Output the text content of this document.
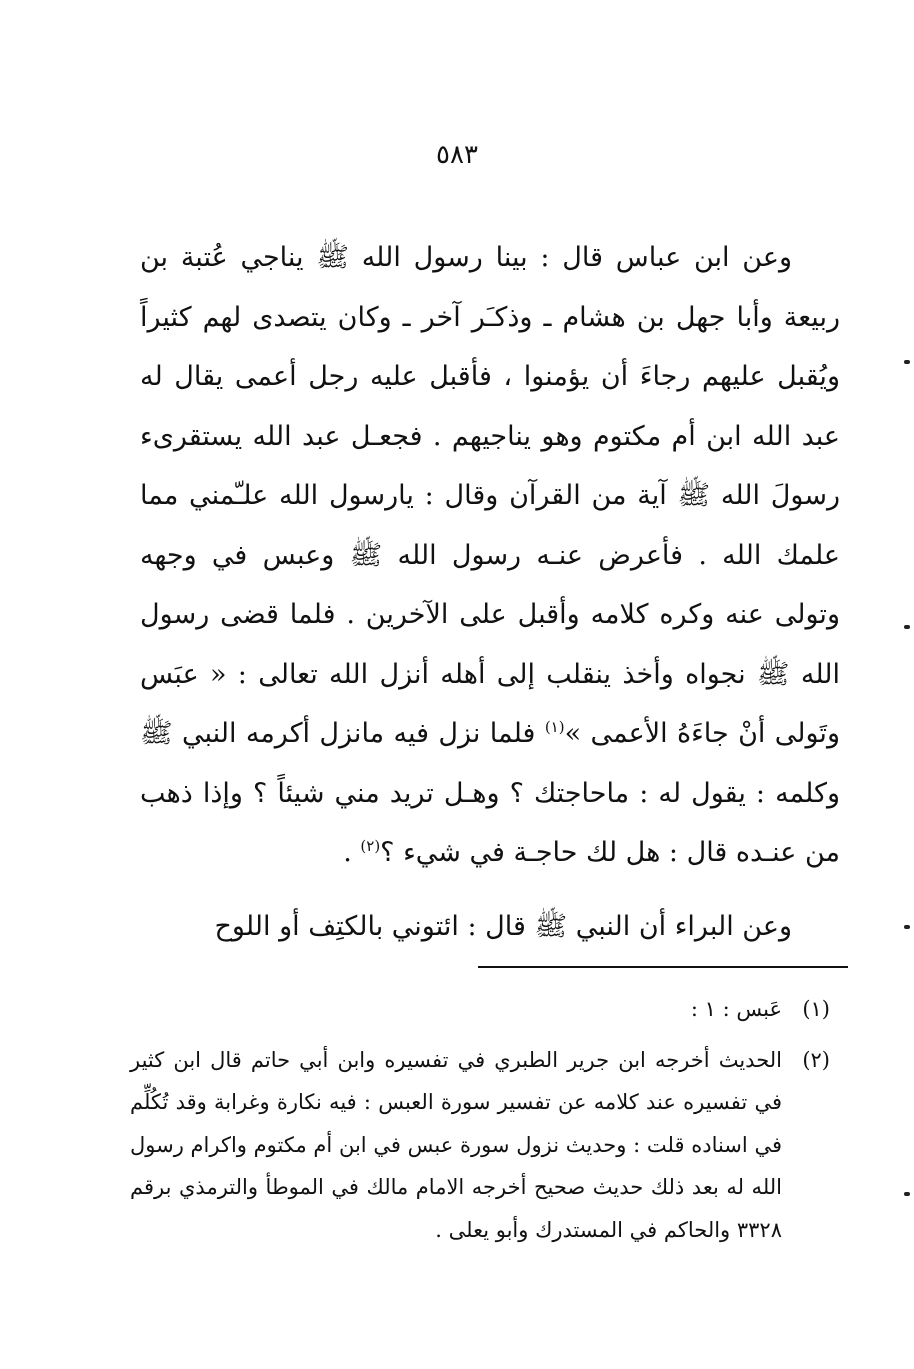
٥٨٣

وعن ابن عباس قال : بينا رسول الله ﷺ يناجي عُتبة بن ربيعة وأبا جهل بن هشام ـ وذكـَر آخر ـ وكان يتصدى لهم كثيراً ويُقبل عليهم رجاءَ أن يؤمنوا ، فأقبل عليه رجل أعمى يقال له عبد الله ابن أم مكتوم وهو يناجيهم . فجعـل عبد الله يستقرىء رسولَ الله ﷺ آية من القرآن وقال : يارسول الله علـّمني مما علمك الله . فأعرض عنـه رسول الله ﷺ وعبس في وجهه وتولى عنه وكره كلامه وأقبل على الآخرين . فلما قضى رسول الله ﷺ نجواه وأخذ ينقلب إلى أهله أنزل الله تعالى : « عبَس وتَولى أنْ جاءَهُ الأعمى »$^{(١)}$ فلما نزل فيه مانزل أكرمه النبي ﷺ وكلمه : يقول له : ماحاجتك ؟ وهـل تريد مني شيئاً ؟ وإذا ذهب من عنـده قال : هل لك حاجـة في شيء ؟$^{(٢)}$ .

وعن البراء أن النبي ﷺ قال : ائتوني بالكتِف أو اللوح

(١)
عَبس : ١ :
(٢)
الحديث أخرجه ابن جرير الطبري في تفسيره وابن أبي حاتم قال ابن كثير في تفسيره عند كلامه عن تفسير سورة العبس : فيه نكارة وغرابة وقد تُكُلِّم في اسناده قلت : وحديث نزول سورة عبس في ابن أم مكتوم واكرام رسول الله له بعد ذلك حديث صحيح أخرجه الامام مالك في الموطأ والترمذي برقم ٣٣٢٨ والحاكم في المستدرك وأبو يعلى .
